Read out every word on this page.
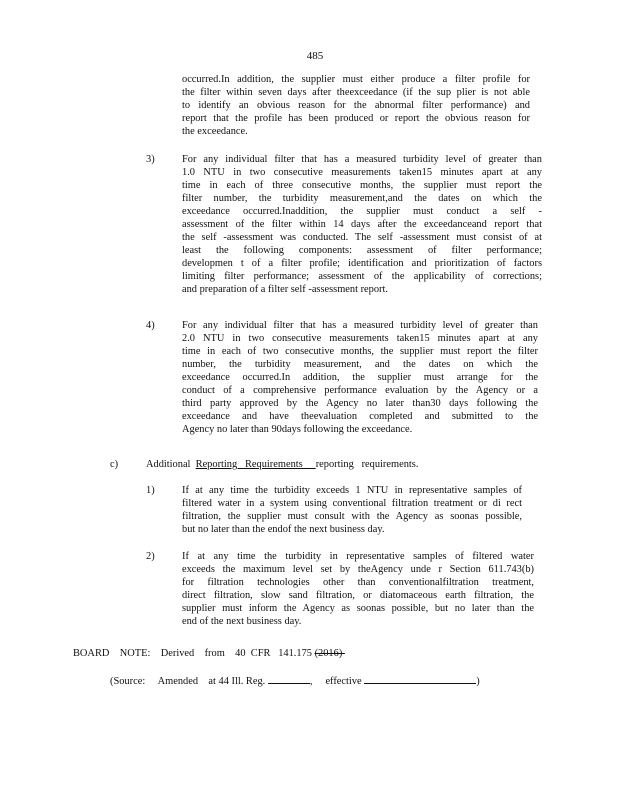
485
occurred.In addition, the supplier must either produce a filter profile for
the filter within seven days after theexceedance (if the sup plier is not able
to identify an obvious reason for the abnormal filter performance) and
report that the profile has been produced or report the obvious reason for
the exceedance.
3)	For any individual filter that has a measured turbidity level of greater than
1.0 NTU in two consecutive measurements taken15 minutes apart at any
time in each of three consecutive months, the supplier must report the
filter number, the turbidity measurement,and the dates on which the
exceedance occurred.Inaddition, the supplier must conduct a self -
assessment of the filter within 14 days after the exceedanceand report that
the self -assessment was conducted. The self -assessment must consist of at
least the following components: assessment of filter performance;
developmen t of a filter profile; identification and prioritization of factors
limiting filter performance; assessment of the applicability of corrections;
and preparation of a filter self -assessment report.
4)	For any individual filter that has a measured turbidity level of greater than
2.0 NTU in two consecutive measurements taken15 minutes apart at any
time in each of two consecutive months, the supplier must report the filter
number, the turbidity measurement, and the dates on which the
exceedance occurred.In addition, the supplier must arrange for the
conduct of a comprehensive performance evaluation by the Agency or a
third party approved by the Agency no later than30 days following the
exceedance and have theevaluation completed and submitted to the
Agency no later than 90days following the exceedance.
c)	Additional  Reporting   Requirements     reporting   requirements.
1)	If at any time the turbidity exceeds 1 NTU in representative samples of
filtered water in a system using conventional filtration treatment or di rect
filtration, the supplier must consult with the Agency as soonas possible,
but no later than the endof the next business day.
2)	If at any time the turbidity in representative samples of filtered water
exceeds the maximum level set by theAgency unde r Section 611.743(b)
for filtration technologies other than conventionalfiltration treatment,
direct filtration, slow sand filtration, or diatomaceous earth filtration, the
supplier must inform the Agency as soonas possible, but no later than the
end of the next business day.
BOARD    NOTE:    Derived    from    40  CFR   141.175 (2016)
(Source:     Amended    at 44 Ill. Reg.	,     effective	)
